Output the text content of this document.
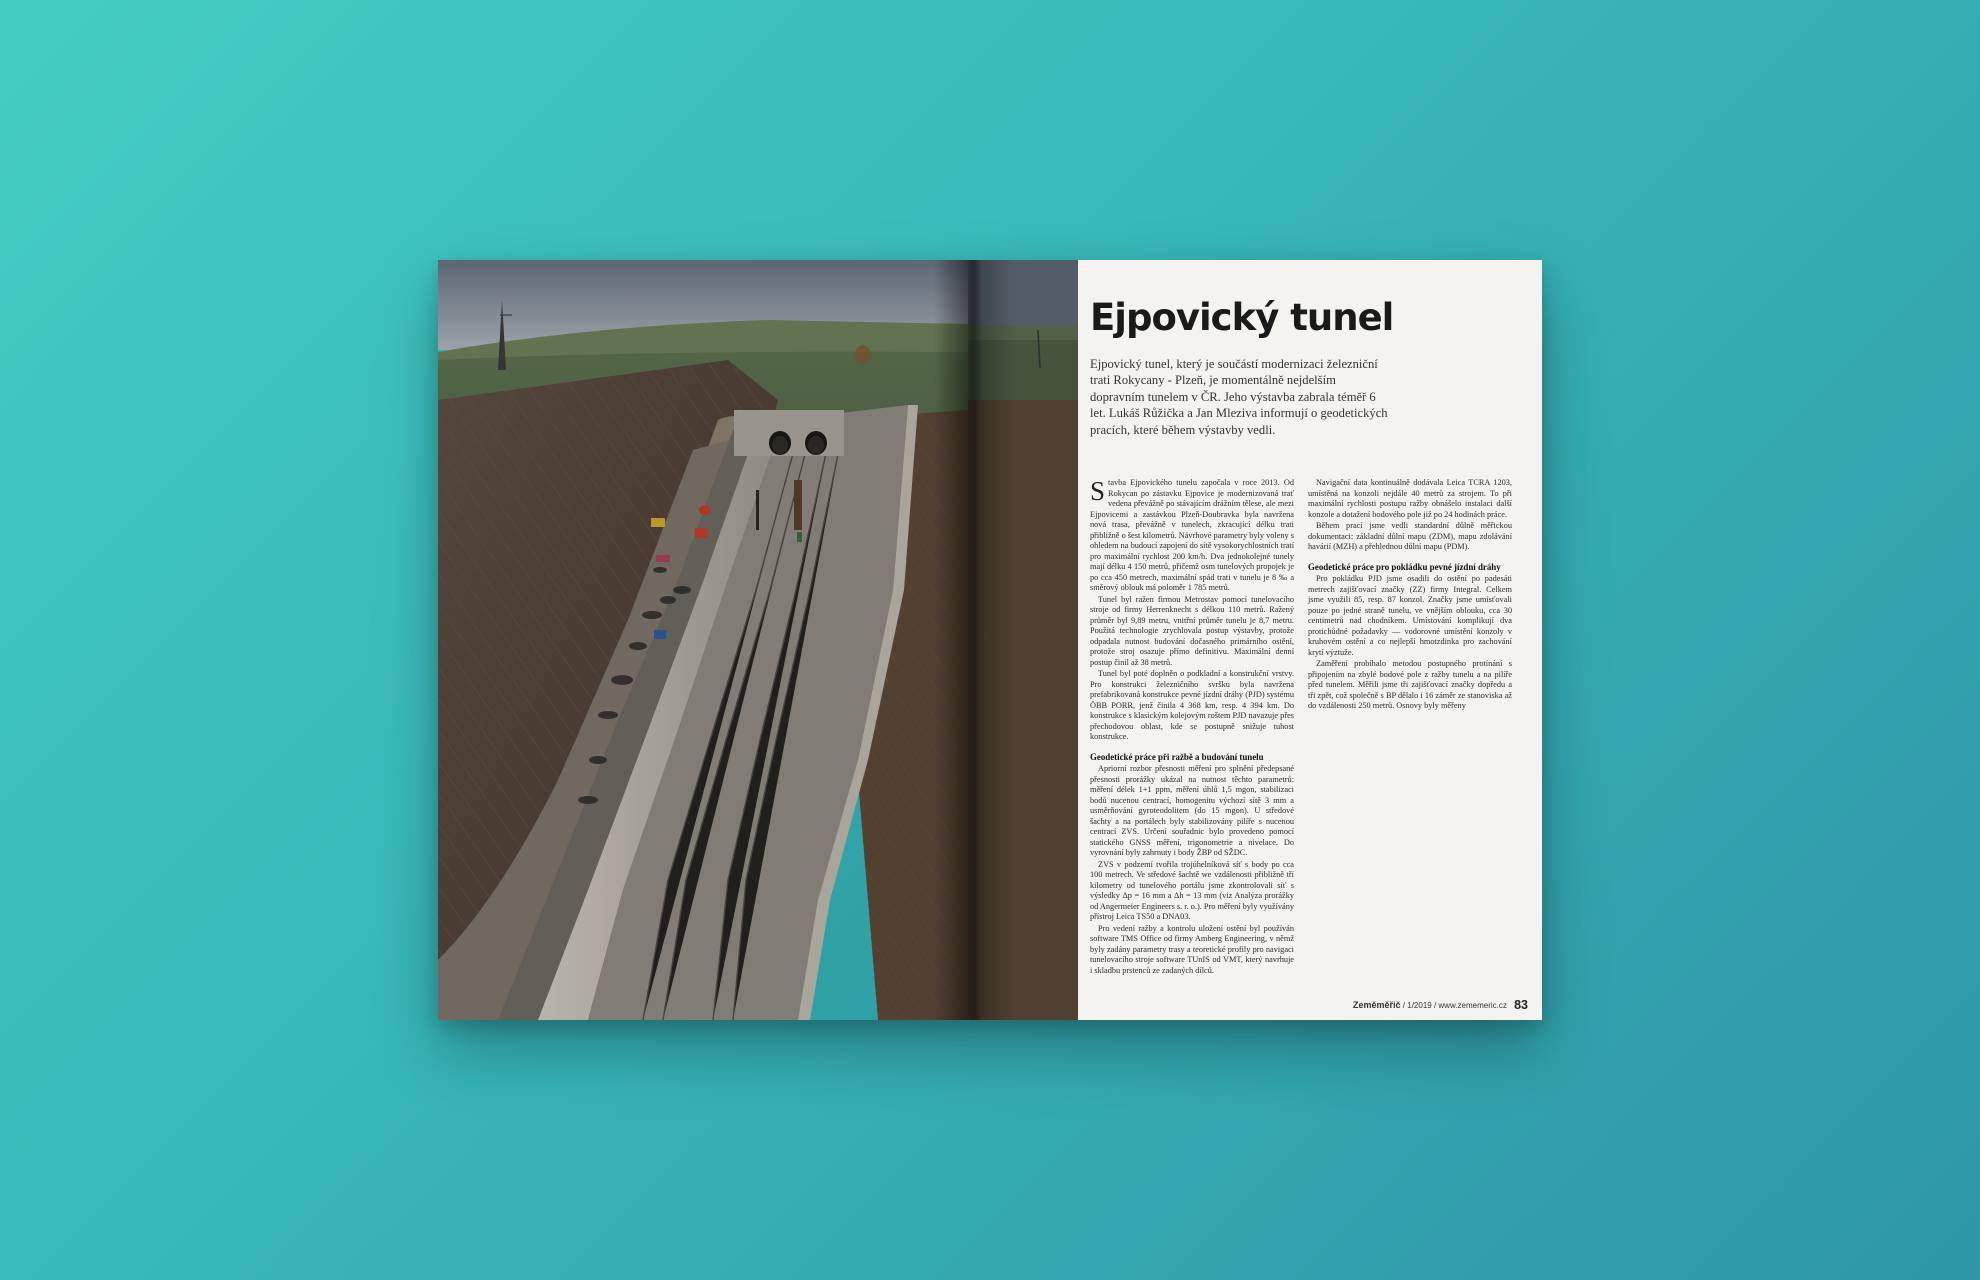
Ejpovický tunel

Ejpovický tunel, který je součástí modernizaci železniční trati Rokycany - Plzeň, je momentálně nejdelším dopravním tunelem v ČR. Jeho výstavba zabrala téměř 6 let. Lukáš Růžička a Jan Mleziva informují o geodetických pracích, které během výstavby vedli.

Stavba Ejpovického tunelu započala v roce 2013. Od Rokycan po zástavku Ejpovice je modernizovaná trať vedena převážně po stávajícím drážním tělese, ale mezi Ejpovicemi a zastávkou Plzeň-Doubravka byla navržena nová trasa, převážně v tunelech, zkracující délku trati přibližně o šest kilometrů. Návrhové parametry byly voleny s ohledem na budoucí zapojení do sítě vysokorychlostních tratí pro maximální rychlost 200 km/h. Dva jednokolejné tunely mají délku 4 150 metrů, přičemž osm tunelových propojek je po cca 450 metrech, maximální spád trati v tunelu je 8 ‰ a směrový oblouk má poloměr 1 785 metrů.

Tunel byl ražen firmou Metrostav pomocí tunelovacího stroje od firmy Herrenknecht s délkou 110 metrů. Ražený průměr byl 9,89 metru, vnitřní průměr tunelu je 8,7 metru. Použitá technologie zrychlovala postup výstavby, protože odpadala nutnost budování dočasného primárního ostění, protože stroj osazuje přímo definitivu. Maximální denní postup činil až 38 metrů.

Tunel byl poté doplněn o podkladní a konstrukční vrstvy. Pro konstrukci železničního svršku byla navržena prefabrikovaná konstrukce pevné jízdní dráhy (PJD) systému ÖBB PORR, jenž činila 4 368 km, resp. 4 394 km. Do konstrukce s klasickým kolejovým roštem PJD navazuje přes přechodovou oblast, kde se postupně snižuje tuhost konstrukce.

Geodetické práce při ražbě a budování tunelu

Apriorní rozbor přesnosti měření pro splnění předepsané přesnosti prorážky ukázal na nutnost těchto parametrů: měření délek 1+1 ppm, měření úhlů 1,5 mgon, stabilizaci bodů nucenou centrací, homogenitu výchozí sítě 3 mm a usměrňování gyroteodolitem (do 15 mgon). U středové šachty a na portálech byly stabilizovány pilíře s nucenou centrací ZVS. Určení souřadnic bylo provedeno pomocí statického GNSS měření, trigonometrie a nivelace. Do vyrovnání byly zahrnuty i body ŽBP od SŽDC.

ZVS v podzemí tvořila trojúhelníková síť s body po cca 100 metrech. Ve středové šachtě we vzdálenosti přibližně tří kilometry od tunelového portálu jsme zkontrolovali síť s výsledky Δp = 16 mm a Δh = 13 mm (viz Analýza prorážky od Angermeier Engineers s. r. o.). Pro měření byly využívány přístroj Leica TS50 a DNA03.

Pro vedení ražby a kontrolu uložení ostění byl používán software TMS Office od firmy Amberg Engineering, v němž byly zadány parametry trasy a teoretické profily pro navigaci tunelovacího stroje software TUnIS od VMT, který navrhuje i skladbu prstenců ze zadaných dílců.

Navigační data kontinuálně dodávala Leica TCRA 1203, umístěná na konzoli nejdále 40 metrů za strojem. To při maximální rychlosti postupu ražby obnášelo instalaci další konzole a dotažení bodového pole již po 24 hodinách práce.

Během prací jsme vedli standardní důlně měřickou dokumentaci: základní důlní mapu (ZDM), mapu zdolávání havárií (MZH) a přehlednou důlní mapu (PDM).

Geodetické práce pro pokládku pevné jízdní dráhy

Pro pokládku PJD jsme osadili do ostění po padesáti metrech zajišťovací značky (ZZ) firmy Integral. Celkem jsme využili 85, resp. 87 konzol. Značky jsme umísťovali pouze po jedné straně tunelu, ve vnějším oblouku, cca 30 centimetrů nad chodníkem. Umístování komplikují dva protichůdné požadavky — vodorovné umístění konzoly v kruhovém ostění a co nejlepší hmotzdinka pro zachování krytí výztuže.

Zaměření probíhalo metodou postupného protínání s připojením na zbylé bodové pole z ražby tunelu a na pilíře před tunelem. Měřili jsme tři zajišťovací značky dopředu a tři zpět, což společně s BP dělalo i 16 záměr ze stanoviska až do vzdálenosti 250 metrů. Osnovy byly měřeny

Zeměměřič / 1/2019 / www.zememeric.cz 83
